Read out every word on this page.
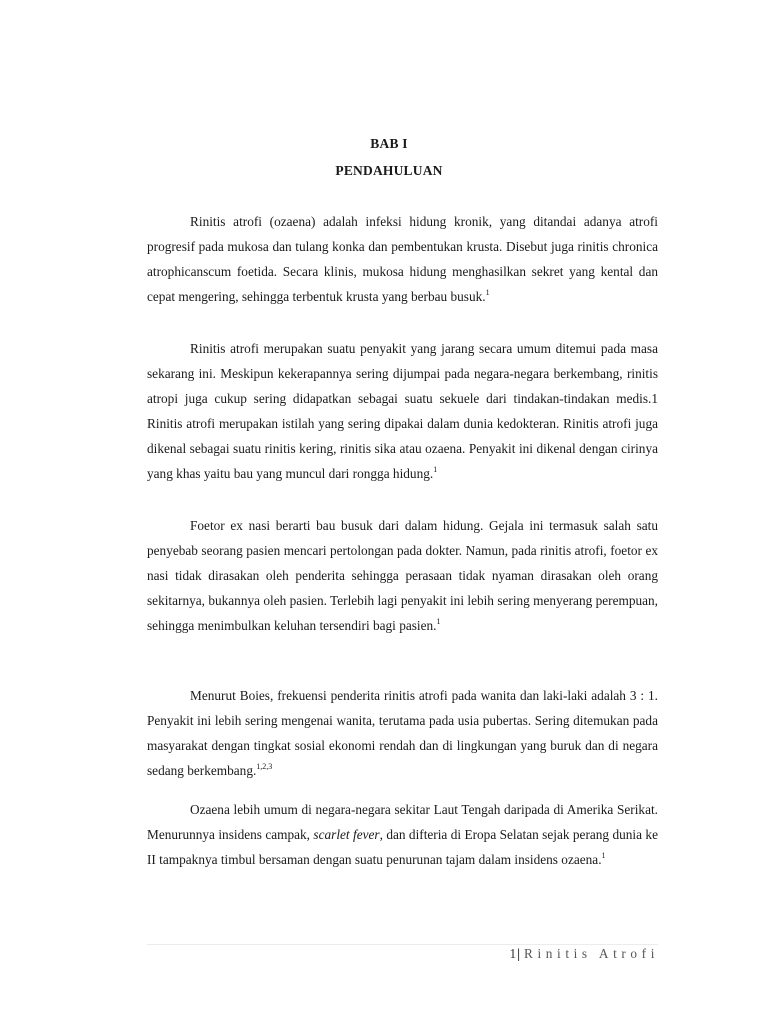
BAB I
PENDAHULUAN

Rinitis atrofi (ozaena) adalah infeksi hidung kronik, yang ditandai adanya atrofi progresif pada mukosa dan tulang konka dan pembentukan krusta. Disebut juga rinitis chronica atrophicanscum foetida. Secara klinis, mukosa hidung menghasilkan sekret yang kental dan cepat mengering, sehingga terbentuk krusta yang berbau busuk.$^1$

Rinitis atrofi merupakan suatu penyakit yang jarang secara umum ditemui pada masa sekarang ini. Meskipun kekerapannya sering dijumpai pada negara-negara berkembang, rinitis atropi juga cukup sering didapatkan sebagai suatu sekuele dari tindakan-tindakan medis.1 Rinitis atrofi merupakan istilah yang sering dipakai dalam dunia kedokteran. Rinitis atrofi juga dikenal sebagai suatu rinitis kering, rinitis sika atau ozaena. Penyakit ini dikenal dengan cirinya yang khas yaitu bau yang muncul dari rongga hidung.$^1$

Foetor ex nasi berarti bau busuk dari dalam hidung. Gejala ini termasuk salah satu penyebab seorang pasien mencari pertolongan pada dokter. Namun, pada rinitis atrofi, foetor ex nasi tidak dirasakan oleh penderita sehingga perasaan tidak nyaman dirasakan oleh orang sekitarnya, bukannya oleh pasien. Terlebih lagi penyakit ini lebih sering menyerang perempuan, sehingga menimbulkan keluhan tersendiri bagi pasien.$^1$

Menurut Boies, frekuensi penderita rinitis atrofi pada wanita dan laki-laki adalah 3 : 1. Penyakit ini lebih sering mengenai wanita, terutama pada usia pubertas. Sering ditemukan pada masyarakat dengan tingkat sosial ekonomi rendah dan di lingkungan yang buruk dan di negara sedang berkembang.$^{1,2,3}$

Ozaena lebih umum di negara-negara sekitar Laut Tengah daripada di Amerika Serikat. Menurunnya insidens campak, scarlet fever, dan difteria di Eropa Selatan sejak perang dunia ke II tampaknya timbul bersaman dengan suatu penurunan tajam dalam insidens ozaena.$^1$

1| Rinitis Atrofi
